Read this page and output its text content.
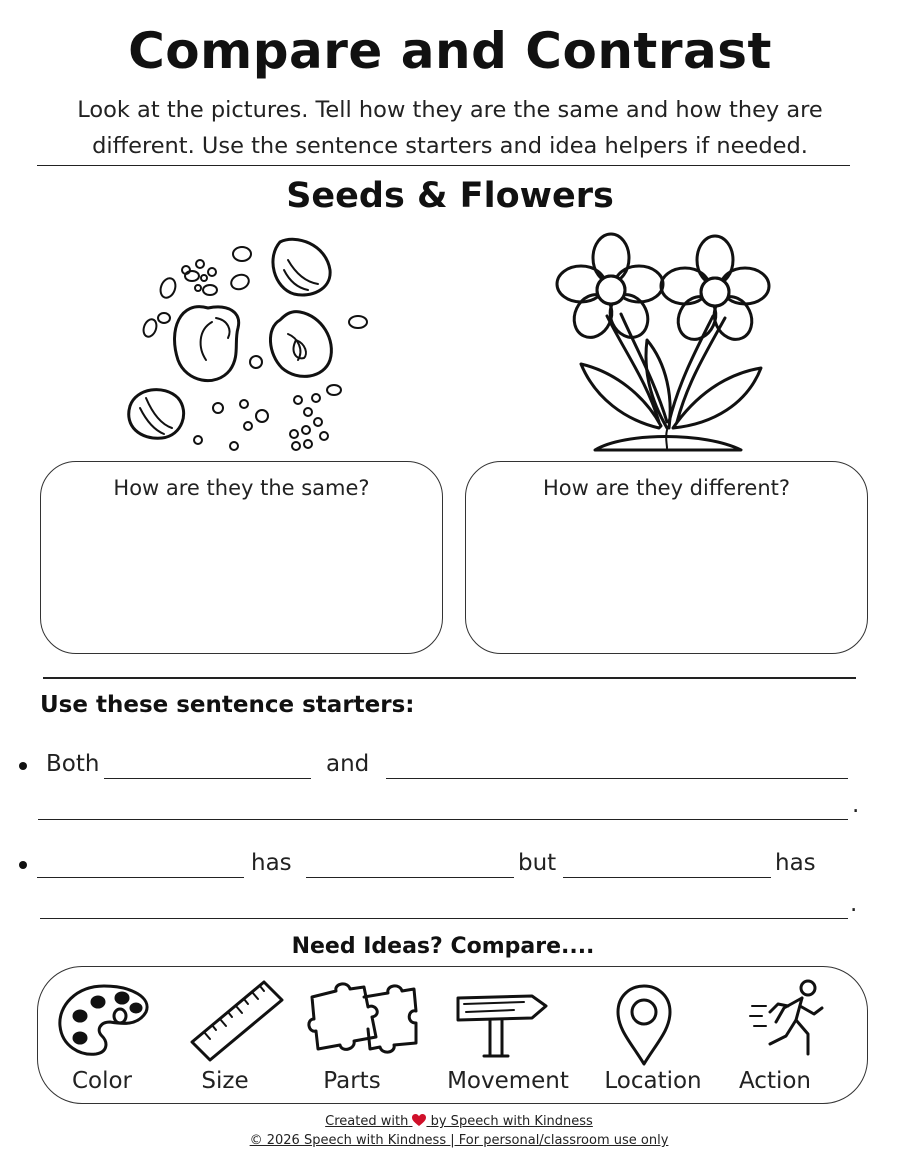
Compare and Contrast
Look at the pictures. Tell how they are the same and how they are
different. Use the sentence starters and idea helpers if needed.
Seeds & Flowers
How are they the same?	How are they different?
Use these sentence starters:
Both	and
.
has	but	has
.
Need Ideas? Compare....
Color	Size	Parts	Movement	Location	Action
Created with by Speech with Kindness
© 2026 Speech with Kindness | For personal/classroom use only
